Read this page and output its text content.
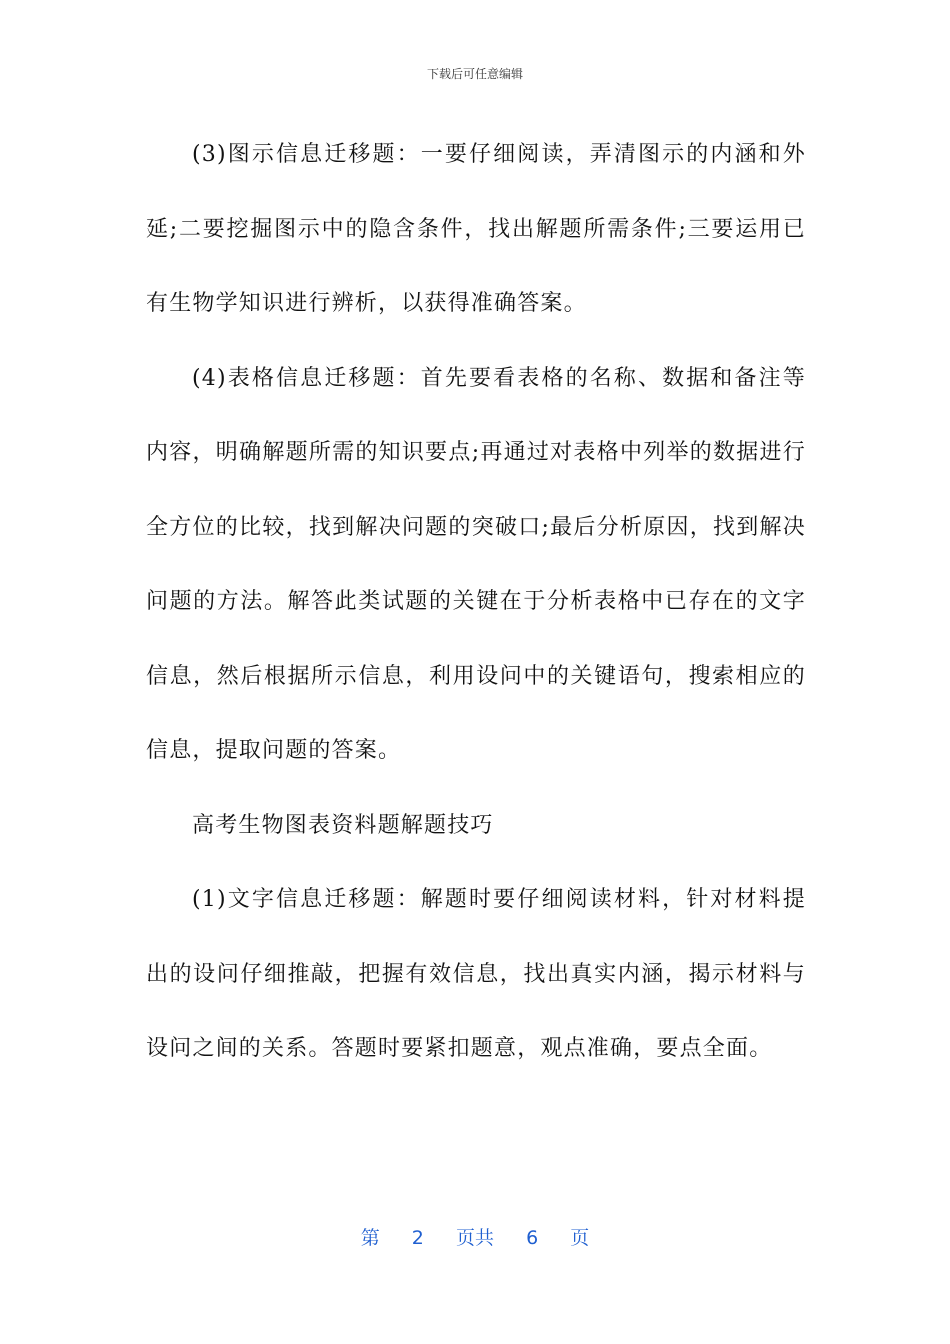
下载后可任意编辑

(3)图示信息迁移题：一要仔细阅读，弄清图示的内涵和外延;二要挖掘图示中的隐含条件，找出解题所需条件;三要运用已有生物学知识进行辨析，以获得准确答案。

(4)表格信息迁移题：首先要看表格的名称、数据和备注等内容，明确解题所需的知识要点;再通过对表格中列举的数据进行全方位的比较，找到解决问题的突破口;最后分析原因，找到解决问题的方法。解答此类试题的关键在于分析表格中已存在的文字信息，然后根据所示信息，利用设问中的关键语句，搜索相应的信息，提取问题的答案。

高考生物图表资料题解题技巧

(1)文字信息迁移题：解题时要仔细阅读材料，针对材料提出的设问仔细推敲，把握有效信息，找出真实内涵，揭示材料与设问之间的关系。答题时要紧扣题意，观点准确，要点全面。

第 2 页共 6 页
